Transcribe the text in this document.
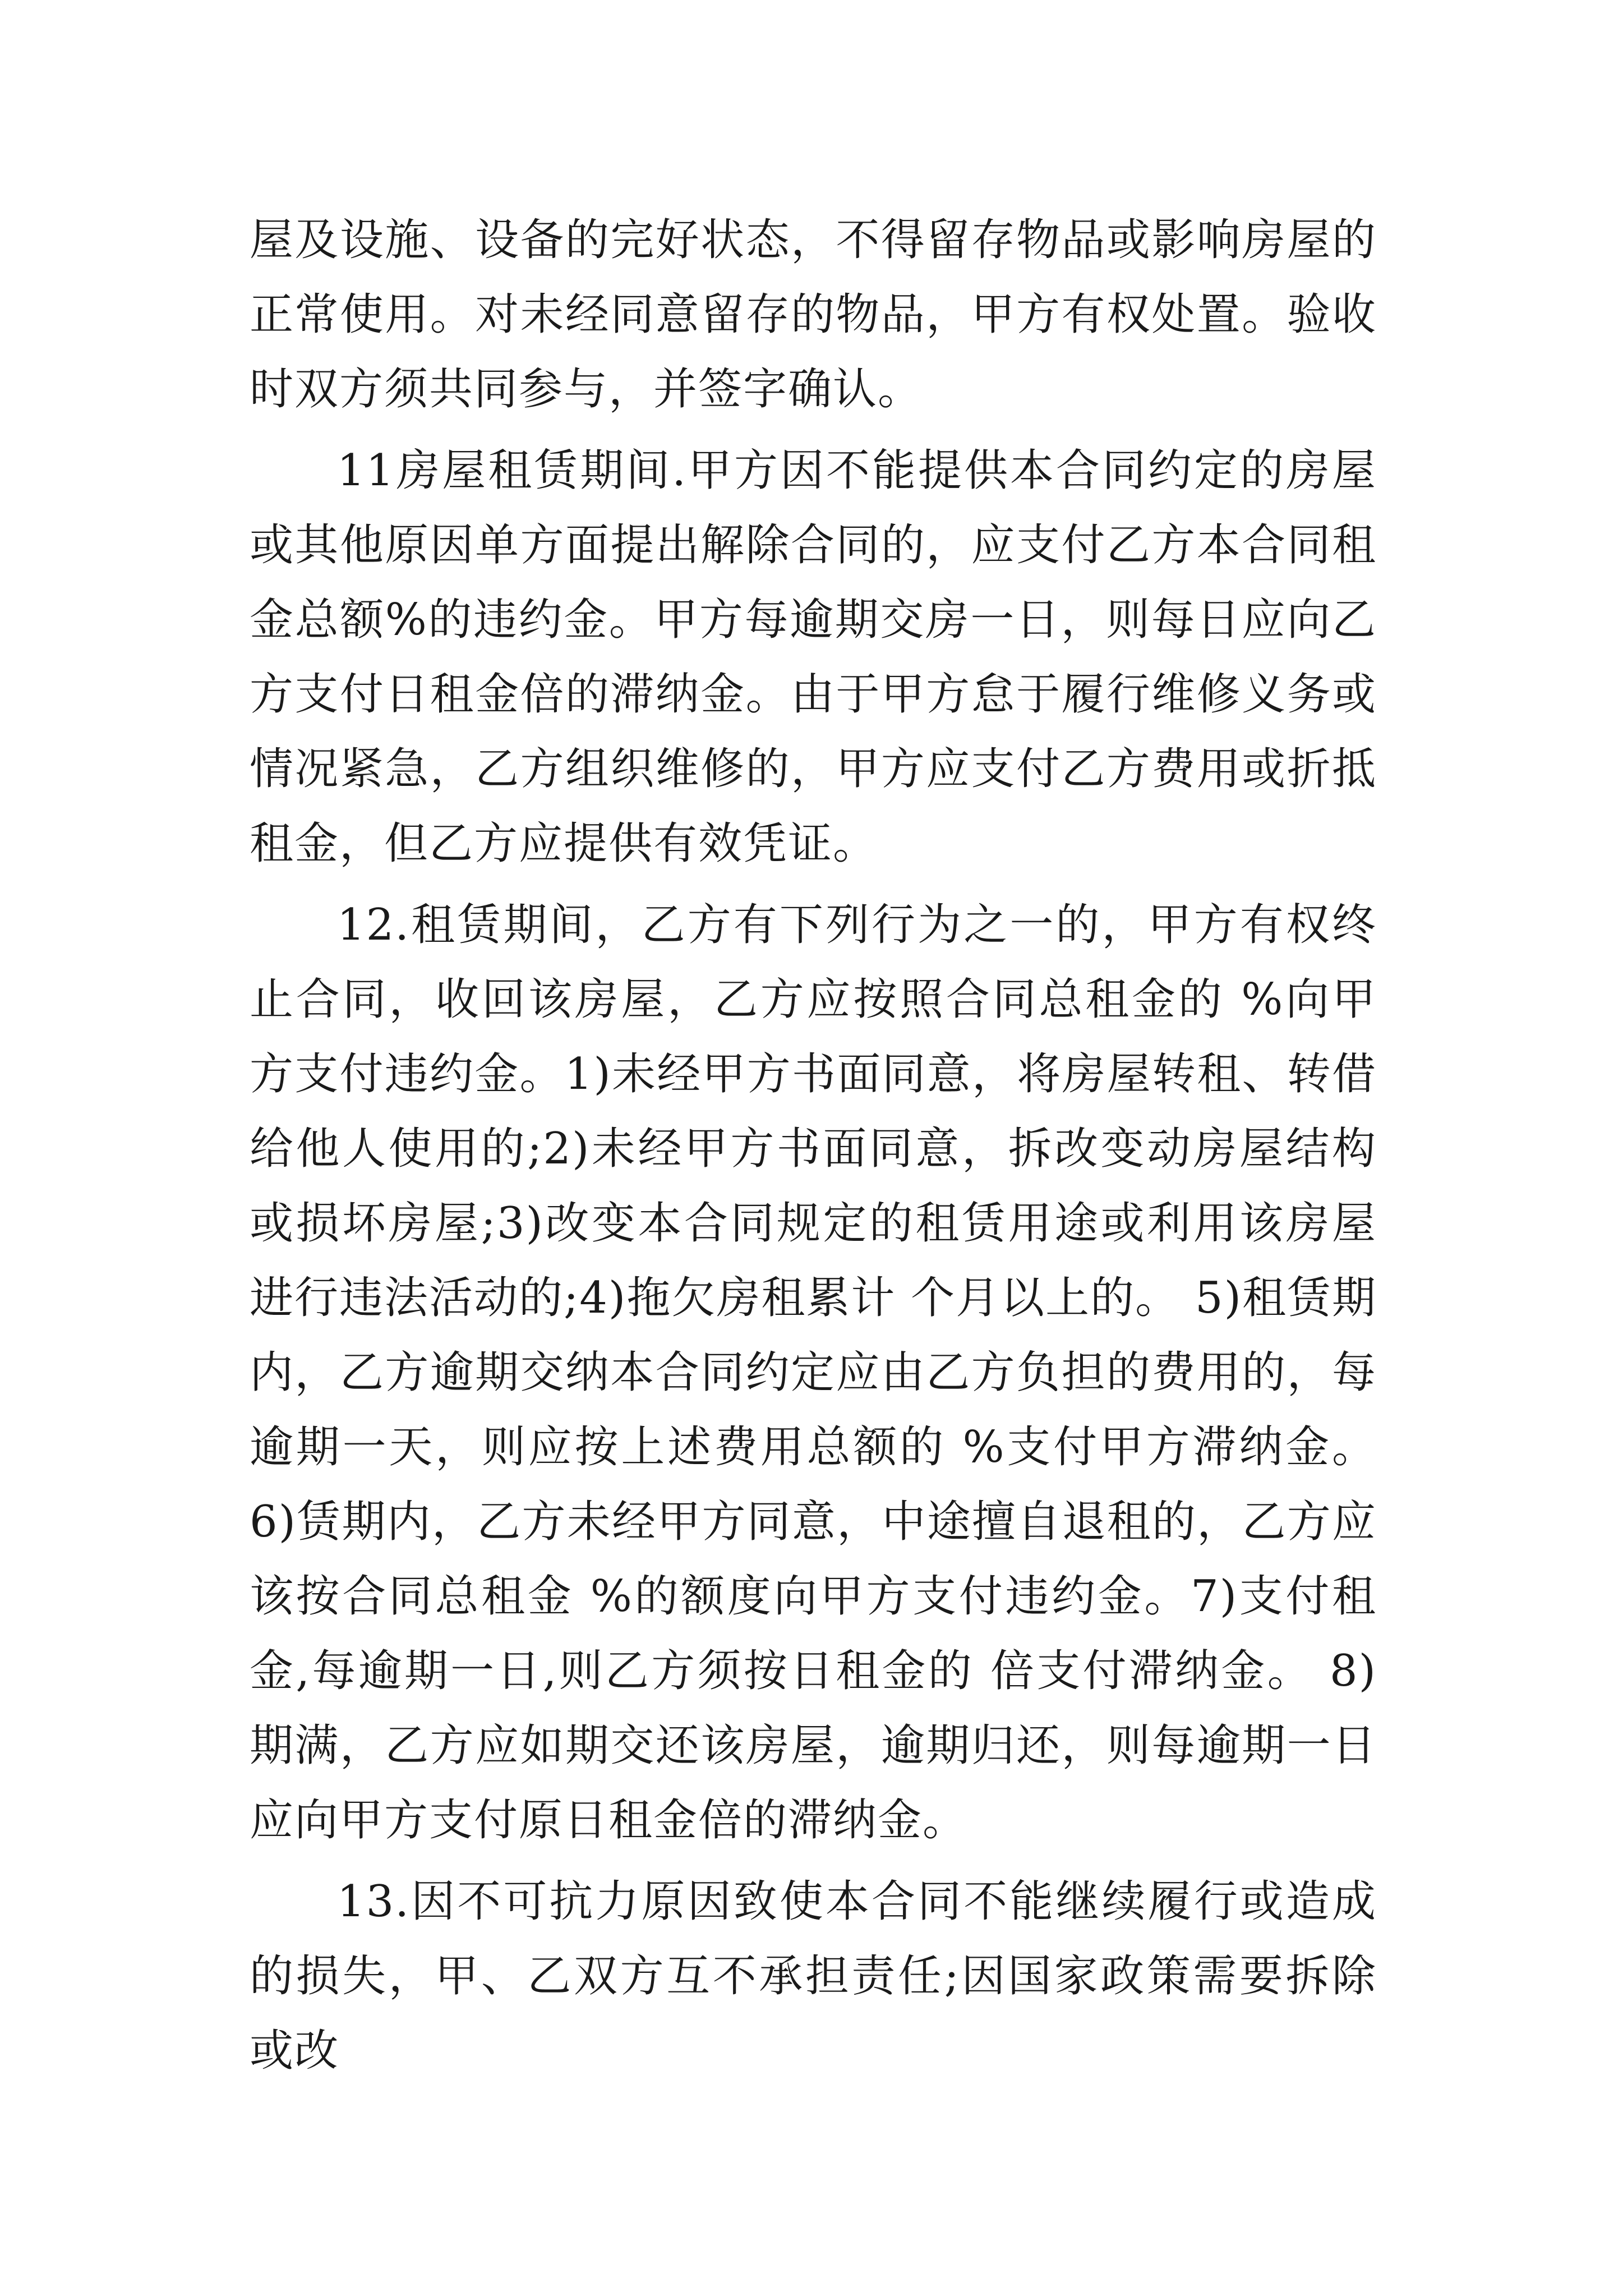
屋及设施、设备的完好状态，不得留存物品或影响房屋的正常使用。对未经同意留存的物品，甲方有权处置。验收时双方须共同参与，并签字确认。

11房屋租赁期间.甲方因不能提供本合同约定的房屋或其他原因单方面提出解除合同的，应支付乙方本合同租金总额%的违约金。甲方每逾期交房一日，则每日应向乙方支付日租金倍的滞纳金。由于甲方怠于履行维修义务或情况紧急，乙方组织维修的，甲方应支付乙方费用或折抵租金，但乙方应提供有效凭证。

12.租赁期间，乙方有下列行为之一的，甲方有权终止合同，收回该房屋，乙方应按照合同总租金的 %向甲方支付违约金。1)未经甲方书面同意，将房屋转租、转借给他人使用的;2)未经甲方书面同意，拆改变动房屋结构或损坏房屋;3)改变本合同规定的租赁用途或利用该房屋进行违法活动的;4)拖欠房租累计 个月以上的。 5)租赁期内，乙方逾期交纳本合同约定应由乙方负担的费用的，每逾期一天，则应按上述费用总额的 %支付甲方滞纳金。 6)赁期内，乙方未经甲方同意，中途擅自退租的，乙方应该按合同总租金 %的额度向甲方支付违约金。7)支付租金,每逾期一日,则乙方须按日租金的 倍支付滞纳金。 8)期满，乙方应如期交还该房屋，逾期归还，则每逾期一日应向甲方支付原日租金倍的滞纳金。

13.因不可抗力原因致使本合同不能继续履行或造成的损失，甲、乙双方互不承担责任;因国家政策需要拆除或改
